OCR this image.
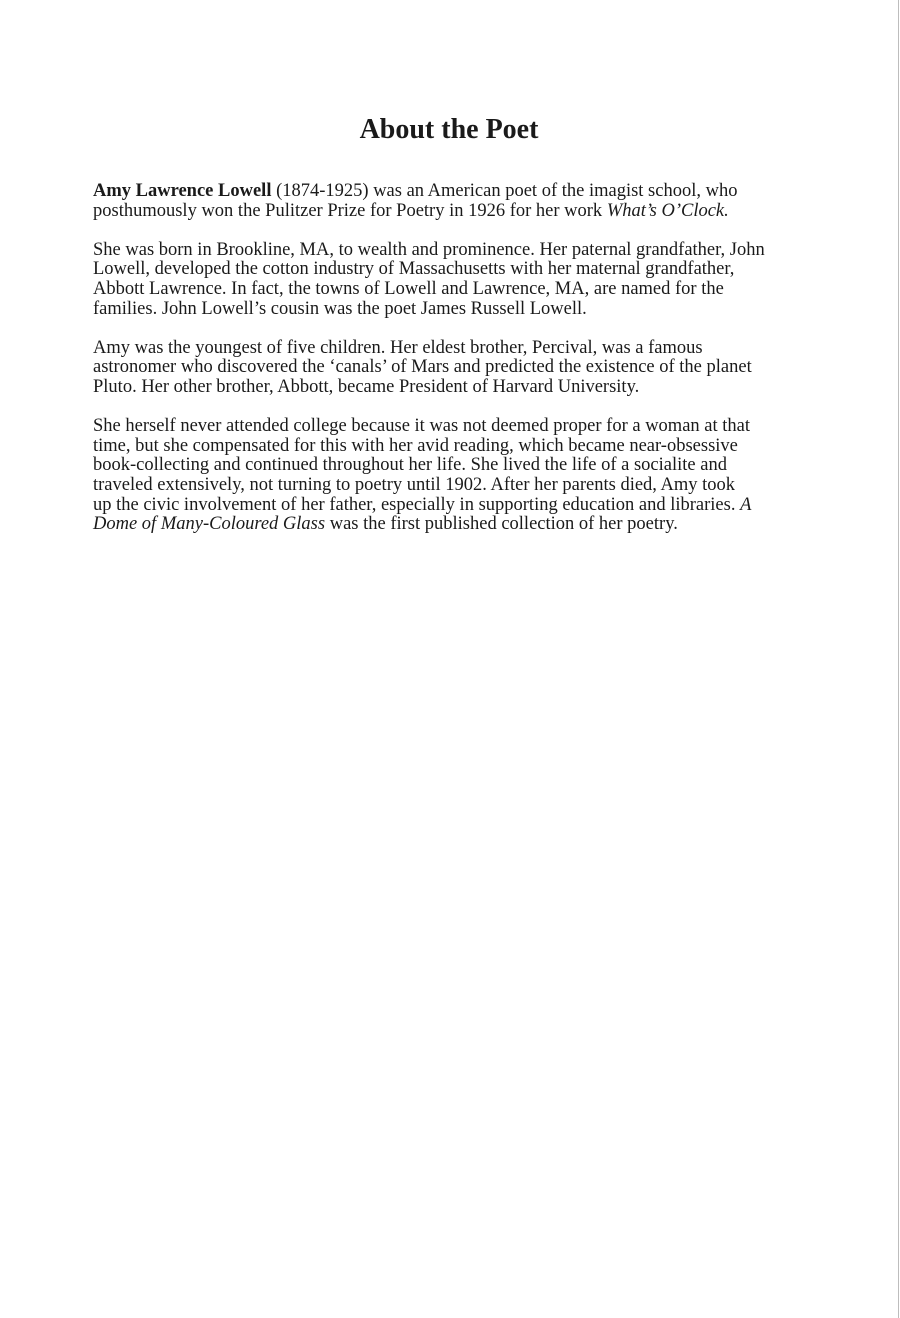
About the Poet

Amy Lawrence Lowell (1874-1925) was an American poet of the imagist school, who
posthumously won the Pulitzer Prize for Poetry in 1926 for her work What’s O’Clock.

She was born in Brookline, MA, to wealth and prominence. Her paternal grandfather, John
Lowell, developed the cotton industry of Massachusetts with her maternal grandfather,
Abbott Lawrence. In fact, the towns of Lowell and Lawrence, MA, are named for the
families. John Lowell’s cousin was the poet James Russell Lowell.

Amy was the youngest of five children. Her eldest brother, Percival, was a famous
astronomer who discovered the ‘canals’ of Mars and predicted the existence of the planet
Pluto. Her other brother, Abbott, became President of Harvard University.

She herself never attended college because it was not deemed proper for a woman at that
time, but she compensated for this with her avid reading, which became near-obsessive
book-collecting and continued throughout her life. She lived the life of a socialite and
traveled extensively, not turning to poetry until 1902. After her parents died, Amy took
up the civic involvement of her father, especially in supporting education and libraries. A
Dome of Many-Coloured Glass was the first published collection of her poetry.
